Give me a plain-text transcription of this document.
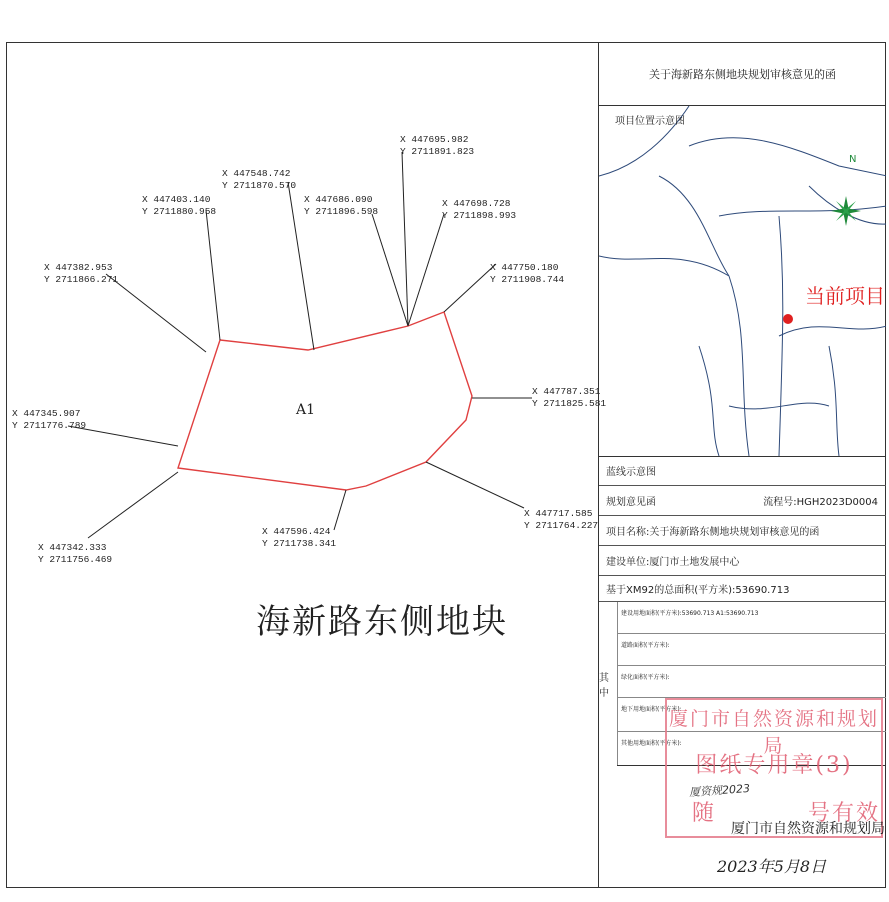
X 447695.982
Y 2711891.823
X 447548.742
Y 2711870.570
X 447403.140
Y 2711880.958
X 447686.090
Y 2711896.598
X 447698.728
Y 2711898.993
X 447382.953
Y 2711866.271
X 447750.180
Y 2711908.744
X 447787.351
Y 2711825.581
X 447345.907
Y 2711776.789
X 447717.585
Y 2711764.227
X 447596.424
Y 2711738.341
X 447342.333
Y 2711756.469
A1
海新路东侧地块
关于海新路东侧地块规划审核意见的函
项目位置示意图
N
当前项目
蓝线示意图
规划意见函	流程号:HGH2023D0004
项目名称:关于海新路东侧地块规划审核意见的函
建设单位:厦门市土地发展中心
基于XM92的总面积(平方米):53690.713
其中
建设用地面积(平方米):53690.713 A1:53690.713
道路面积(平方米):
绿化面积(平方米):
地下用地面积(平方米):
其他用地面积(平方米):
厦门市自然资源和规划局
图纸专用章(3)
随	号有效
厦资规2023
厦门市自然资源和规划局
2023年5月8日
